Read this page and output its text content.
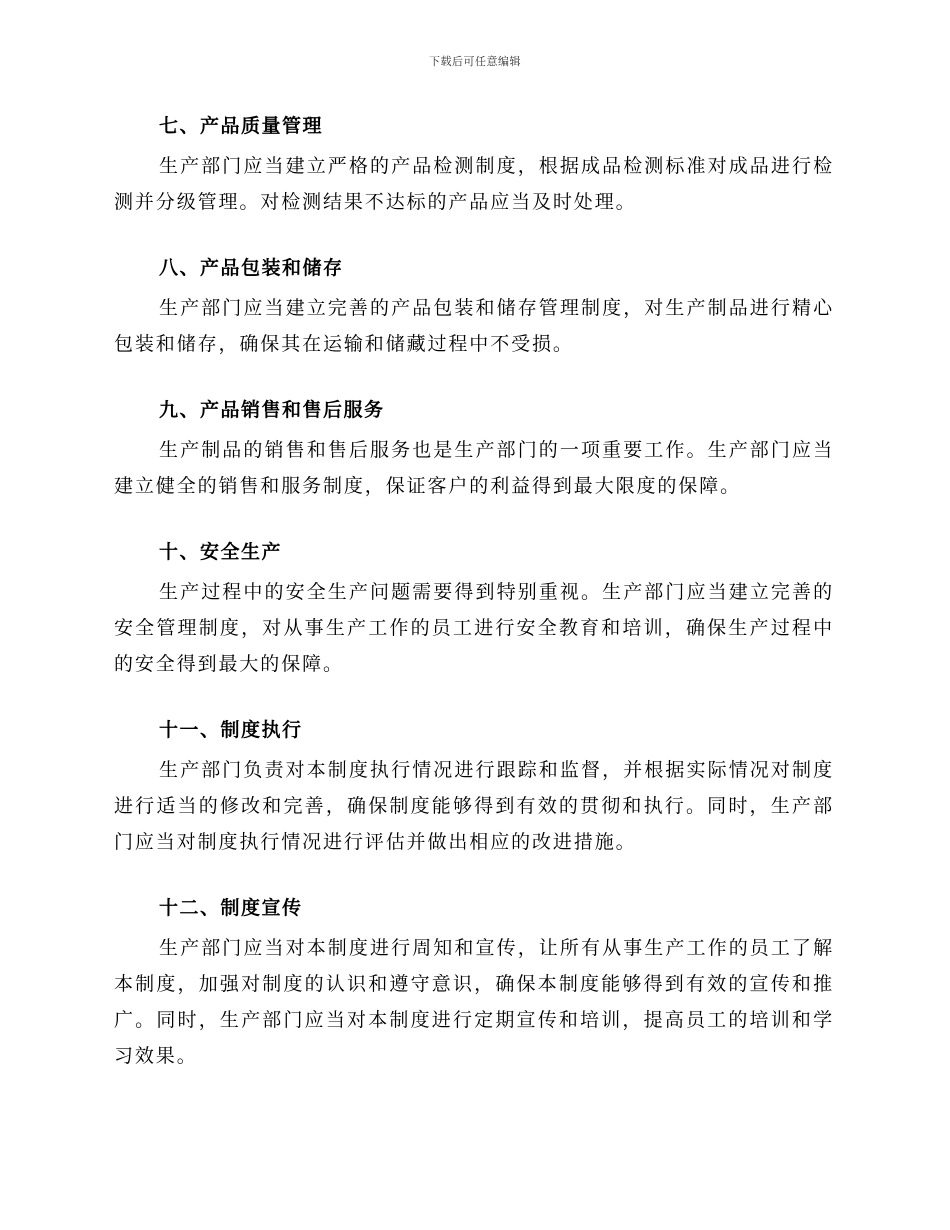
下载后可任意编辑
七、产品质量管理

生产部门应当建立严格的产品检测制度，根据成品检测标准对成品进行检测并分级管理。对检测结果不达标的产品应当及时处理。

八、产品包装和储存

生产部门应当建立完善的产品包装和储存管理制度，对生产制品进行精心包装和储存，确保其在运输和储藏过程中不受损。

九、产品销售和售后服务

生产制品的销售和售后服务也是生产部门的一项重要工作。生产部门应当建立健全的销售和服务制度，保证客户的利益得到最大限度的保障。

十、安全生产

生产过程中的安全生产问题需要得到特别重视。生产部门应当建立完善的安全管理制度，对从事生产工作的员工进行安全教育和培训，确保生产过程中的安全得到最大的保障。

十一、制度执行

生产部门负责对本制度执行情况进行跟踪和监督，并根据实际情况对制度进行适当的修改和完善，确保制度能够得到有效的贯彻和执行。同时，生产部门应当对制度执行情况进行评估并做出相应的改进措施。

十二、制度宣传

生产部门应当对本制度进行周知和宣传，让所有从事生产工作的员工了解本制度，加强对制度的认识和遵守意识，确保本制度能够得到有效的宣传和推广。同时，生产部门应当对本制度进行定期宣传和培训，提高员工的培训和学习效果。
